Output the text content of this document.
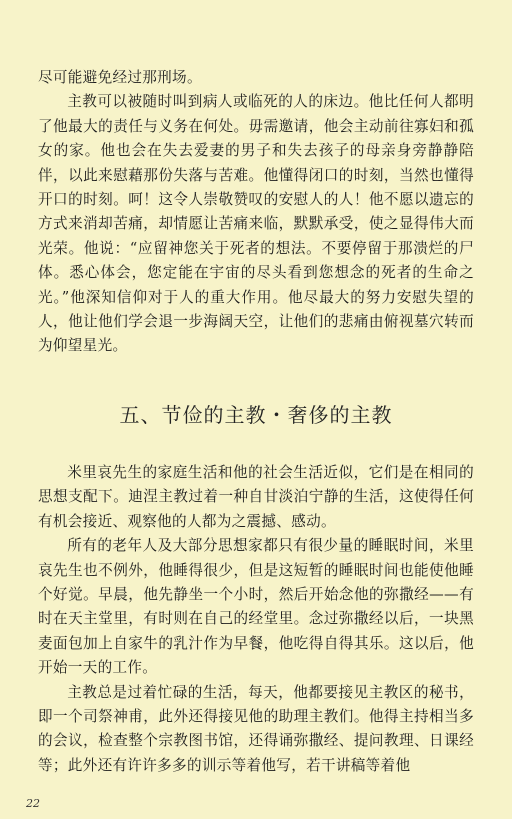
尽可能避免经过那刑场。

主教可以被随时叫到病人或临死的人的床边。他比任何人都明了他最大的责任与义务在何处。毋需邀请，他会主动前往寡妇和孤女的家。他也会在失去爱妻的男子和失去孩子的母亲身旁静静陪伴，以此来慰藉那份失落与苦难。他懂得闭口的时刻，当然也懂得开口的时刻。呵！这令人崇敬赞叹的安慰人的人！他不愿以遗忘的方式来消却苦痛，却情愿让苦痛来临，默默承受，使之显得伟大而光荣。他说：“应留神您关于死者的想法。不要停留于那溃烂的尸体。悉心体会，您定能在宇宙的尽头看到您想念的死者的生命之光。”他深知信仰对于人的重大作用。他尽最大的努力安慰失望的人，他让他们学会退一步海阔天空，让他们的悲痛由俯视墓穴转而为仰望星光。

五、节俭的主教・奢侈的主教

米里哀先生的家庭生活和他的社会生活近似，它们是在相同的思想支配下。迪涅主教过着一种自甘淡泊宁静的生活，这使得任何有机会接近、观察他的人都为之震撼、感动。

所有的老年人及大部分思想家都只有很少量的睡眠时间，米里哀先生也不例外，他睡得很少，但是这短暂的睡眠时间也能使他睡个好觉。早晨，他先静坐一个小时，然后开始念他的弥撒经——有时在天主堂里，有时则在自己的经堂里。念过弥撒经以后，一块黑麦面包加上自家牛的乳汁作为早餐，他吃得自得其乐。这以后，他开始一天的工作。

主教总是过着忙碌的生活，每天，他都要接见主教区的秘书，即一个司祭神甫，此外还得接见他的助理主教们。他得主持相当多的会议，检查整个宗教图书馆，还得诵弥撒经、提问教理、日课经等；此外还有许许多多的训示等着他写，若干讲稿等着他

22
